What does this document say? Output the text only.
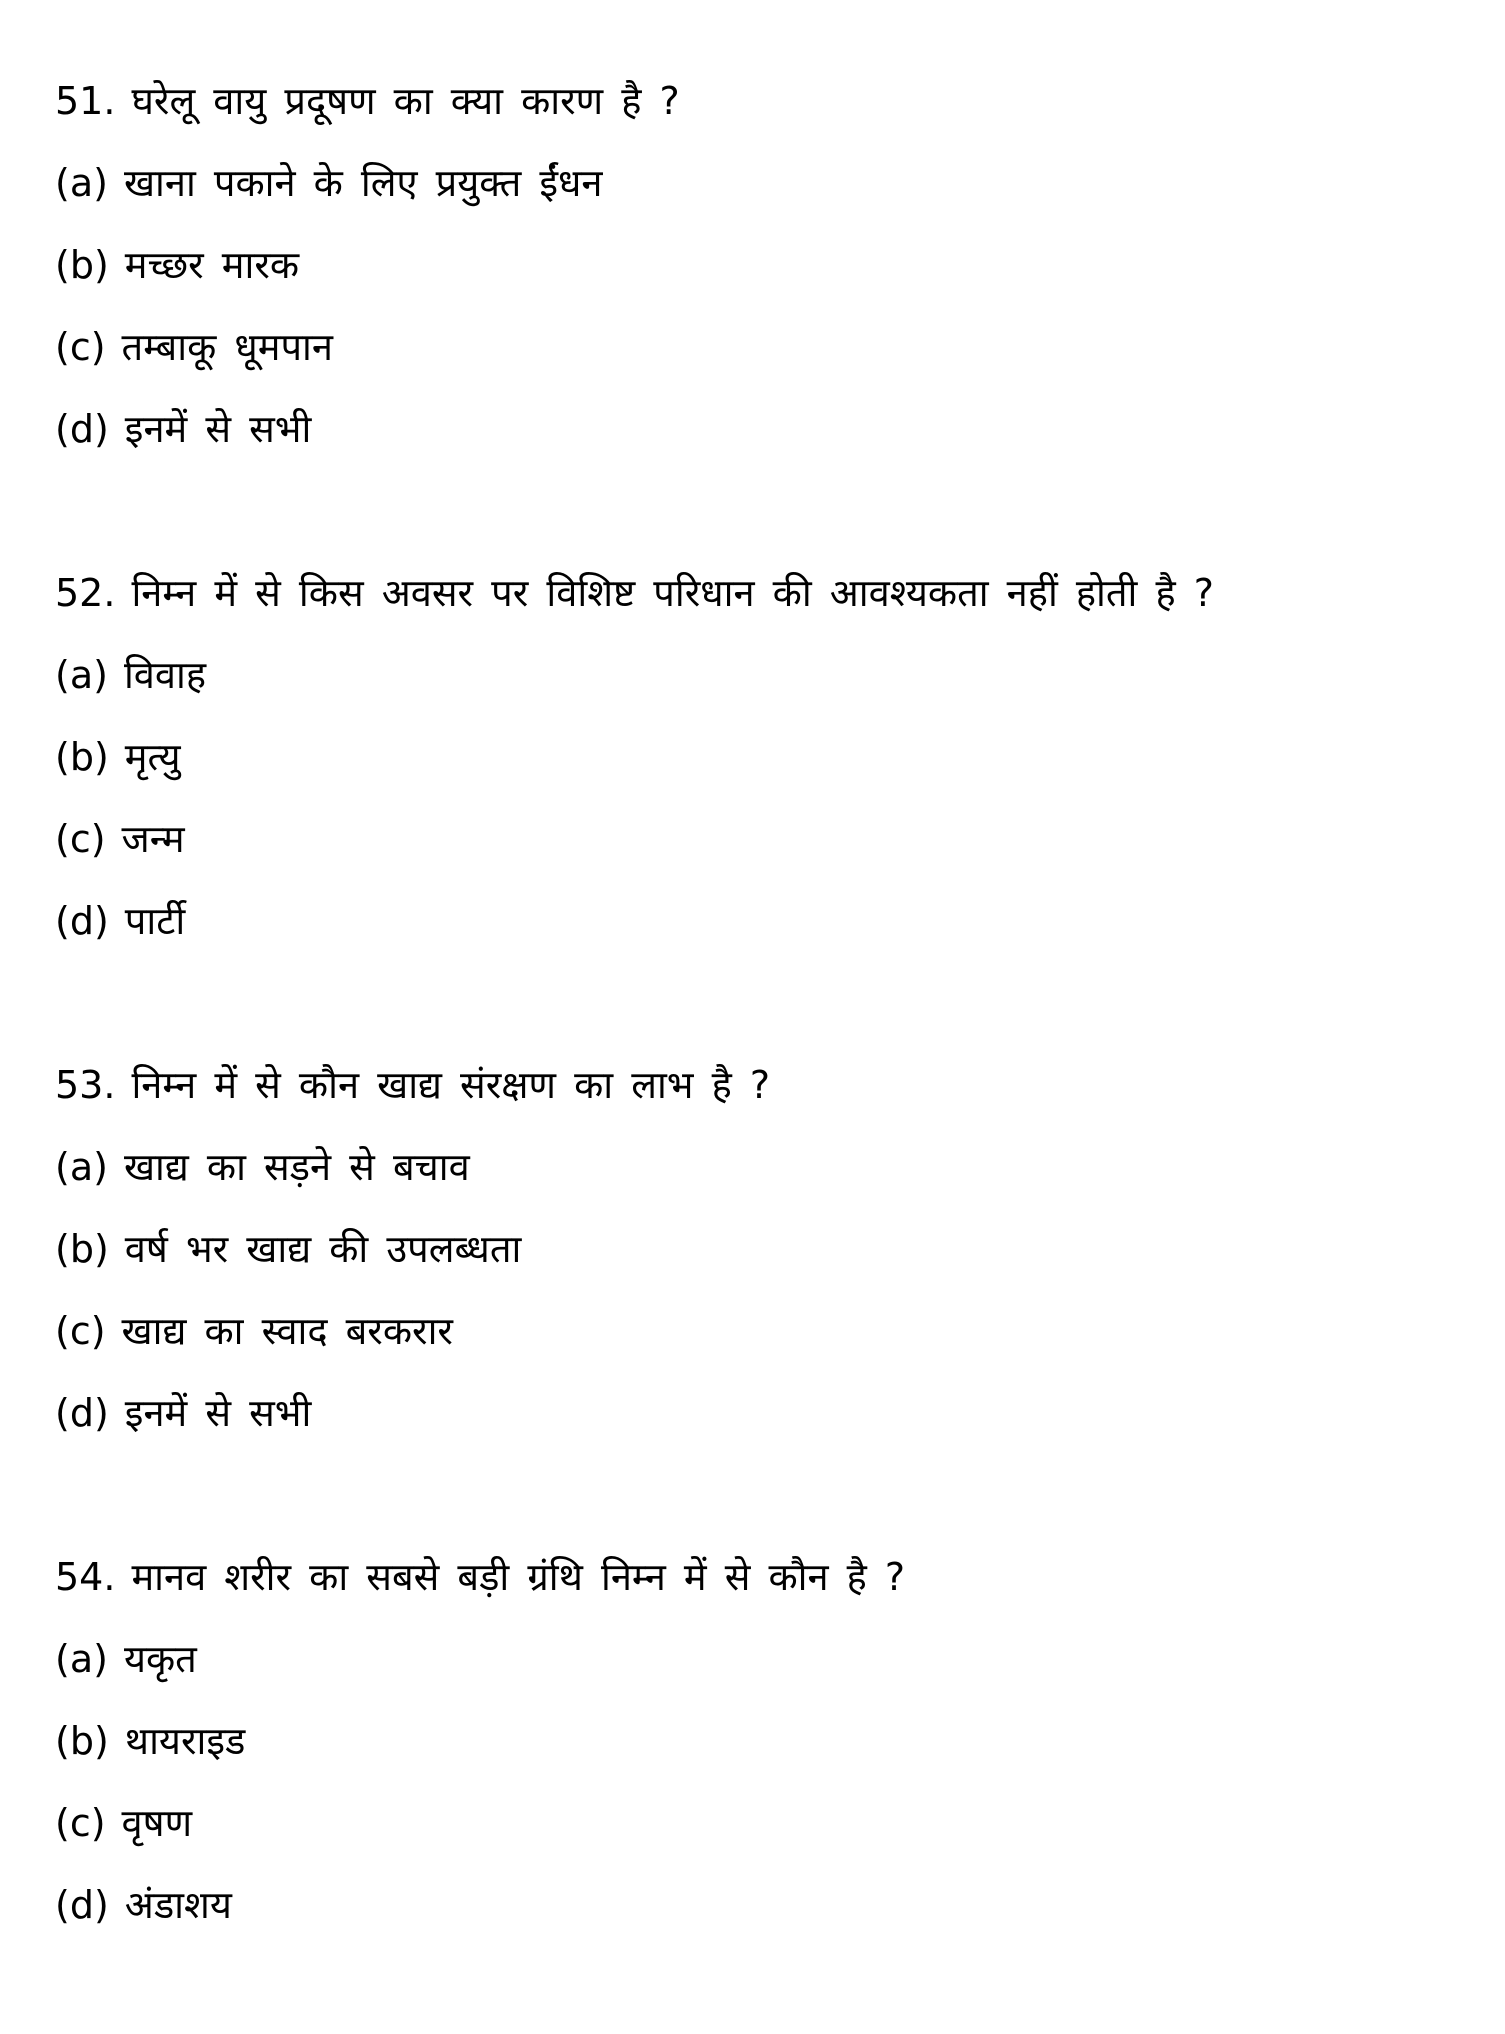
51. घरेलू वायु प्रदूषण का क्या कारण है ?
(a) खाना पकाने के लिए प्रयुक्त ईंधन
(b) मच्छर मारक
(c) तम्बाकू धूमपान
(d) इनमें से सभी
52. निम्न में से किस अवसर पर विशिष्ट परिधान की आवश्यकता नहीं होती है ?
(a) विवाह
(b) मृत्यु
(c) जन्म
(d) पार्टी
53. निम्न में से कौन खाद्य संरक्षण का लाभ है ?
(a) खाद्य का सड़ने से बचाव
(b) वर्ष भर खाद्य की उपलब्धता
(c) खाद्य का स्वाद बरकरार
(d) इनमें से सभी
54. मानव शरीर का सबसे बड़ी ग्रंथि निम्न में से कौन है ?
(a) यकृत
(b) थायराइड
(c) वृषण
(d) अंडाशय
